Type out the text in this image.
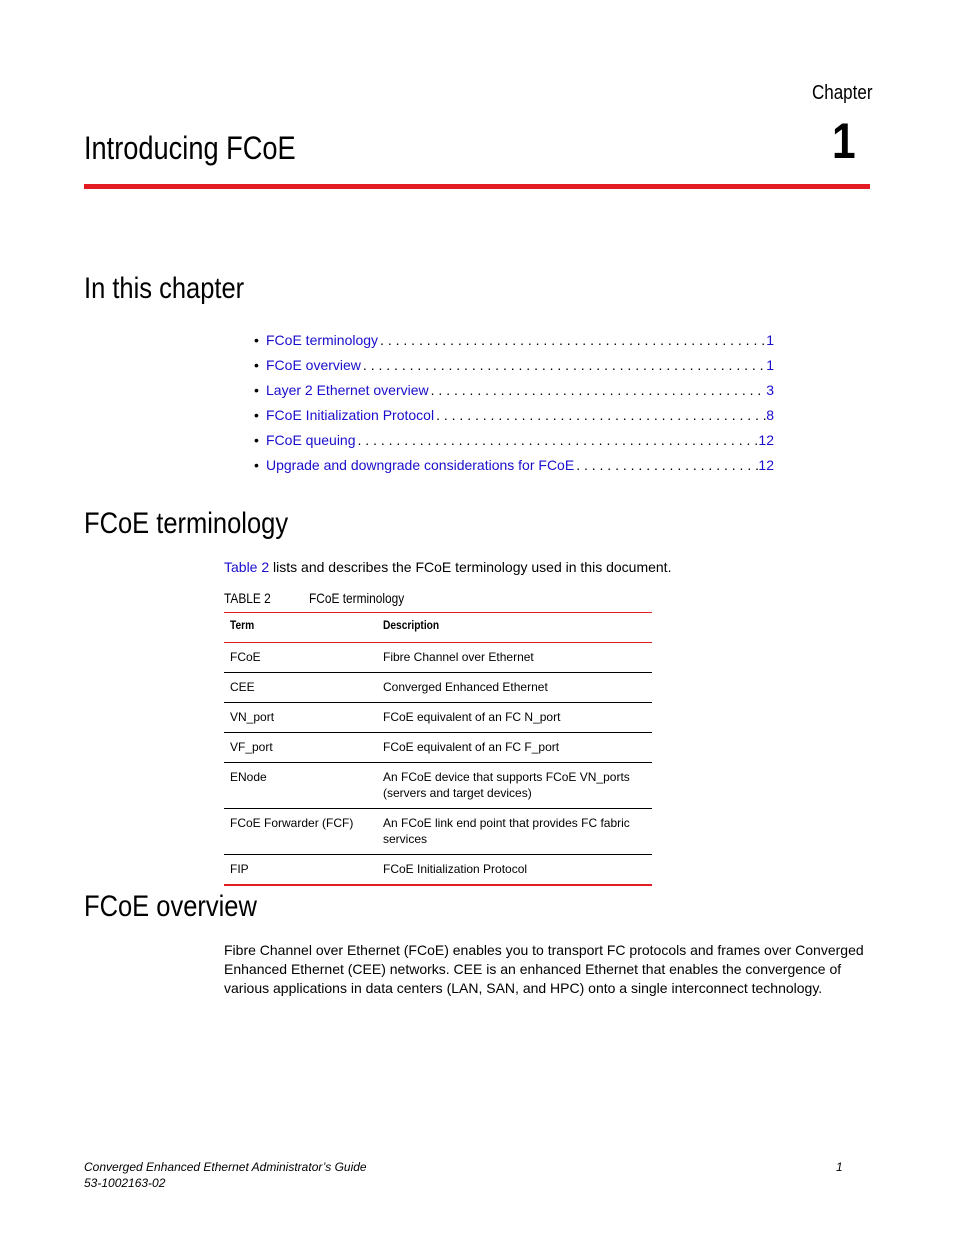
Chapter
1
Introducing FCoE
In this chapter
• FCoE terminology . . .	1
• FCoE overview . . .	1
• Layer 2 Ethernet overview . . .	3
• FCoE Initialization Protocol . . .	8
• FCoE queuing . . .	12
• Upgrade and downgrade considerations for FCoE . . .	12
FCoE terminology
Table 2 lists and describes the FCoE terminology used in this document.
TABLE 2	FCoE terminology
Term	Description
FCoE	Fibre Channel over Ethernet
CEE	Converged Enhanced Ethernet
VN_port	FCoE equivalent of an FC N_port
VF_port	FCoE equivalent of an FC F_port
ENode	An FCoE device that supports FCoE VN_ports (servers and target devices)
FCoE Forwarder (FCF)	An FCoE link end point that provides FC fabric services
FIP	FCoE Initialization Protocol
FCoE overview
Fibre Channel over Ethernet (FCoE) enables you to transport FC protocols and frames over Converged Enhanced Ethernet (CEE) networks. CEE is an enhanced Ethernet that enables the convergence of various applications in data centers (LAN, SAN, and HPC) onto a single interconnect technology.
Converged Enhanced Ethernet Administrator’s Guide
53-1002163-02
1
